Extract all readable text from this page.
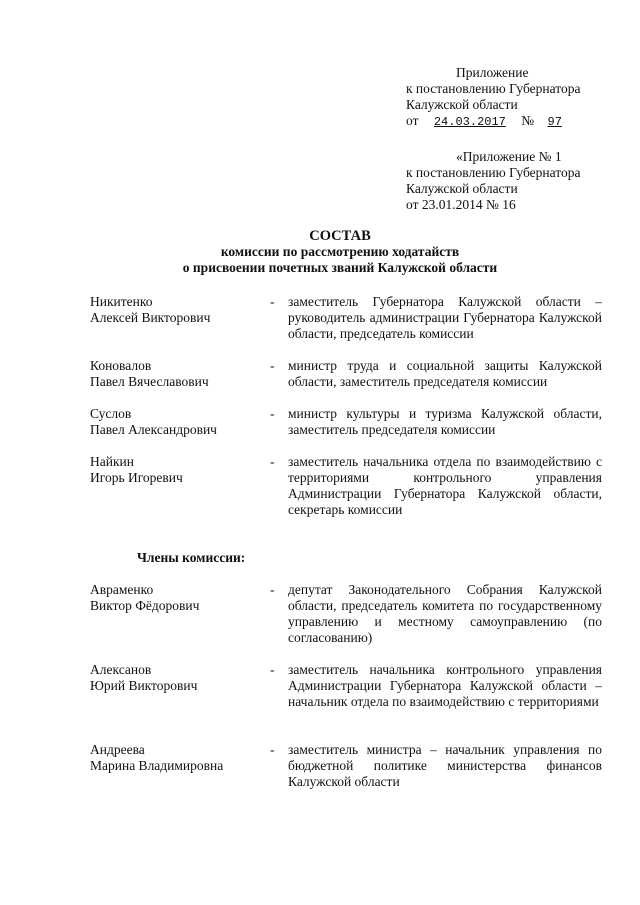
Приложение
к постановлению Губернатора
Калужской области
от 24.03.2017 № 97
«Приложение № 1
к постановлению Губернатора
Калужской области
от 23.01.2014 № 16
СОСТАВ
комиссии по рассмотрению ходатайств
о присвоении почетных званий Калужской области
Никитенко
Алексей Викторович
-	заместитель Губернатора Калужской области – руководитель администрации Губернатора Калужской области, председатель комиссии
Коновалов
Павел Вячеславович
-	министр труда и социальной защиты Калужской области, заместитель председателя комиссии
Суслов
Павел Александрович
-	министр культуры и туризма Калужской области, заместитель председателя комиссии
Найкин
Игорь Игоревич
-	заместитель начальника отдела по взаимодействию с территориями контрольного управления Администрации Губернатора Калужской области, секретарь комиссии
Члены комиссии:
Авраменко
Виктор Фёдорович
-	депутат Законодательного Собрания Калужской области, председатель комитета по государственному управлению и местному самоуправлению (по согласованию)
Алексанов
Юрий Викторович
-	заместитель начальника контрольного управления Администрации Губернатора Калужской области – начальник отдела по взаимодействию с территориями
Андреева
Марина Владимировна
-	заместитель министра – начальник управления по бюджетной политике министерства финансов Калужской области
